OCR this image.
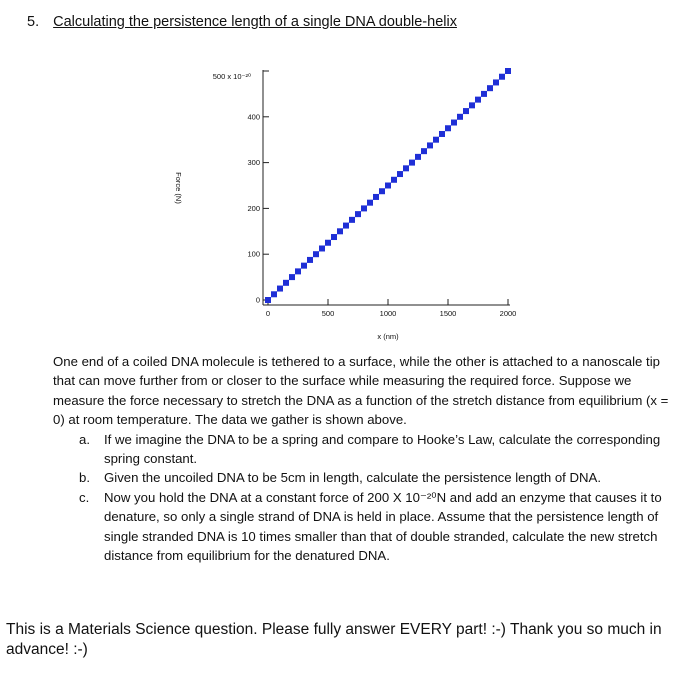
5. Calculating the persistence length of a single DNA double-helix
0
100
200
300
400
0	500	1000	1500	2000
500 x 10⁻²⁰
x (nm)
Force (N)

One end of a coiled DNA molecule is tethered to a surface, while the other is attached to a nanoscale tip that can move further from or closer to the surface while measuring the required force. Suppose we measure the force necessary to stretch the DNA as a function of the stretch distance from equilibrium (x = 0) at room temperature. The data we gather is shown above.

a.	If we imagine the DNA to be a spring and compare to Hooke’s Law, calculate the corresponding spring constant.
b.	Given the uncoiled DNA to be 5cm in length, calculate the persistence length of DNA.
c.	Now you hold the DNA at a constant force of 200 X 10⁻²⁰N and add an enzyme that causes it to denature, so only a single strand of DNA is held in place. Assume that the persistence length of single stranded DNA is 10 times smaller than that of double stranded, calculate the new stretch distance from equilibrium for the denatured DNA.
This is a Materials Science question. Please fully answer EVERY part! :-) Thank you so much in advance! :-)
